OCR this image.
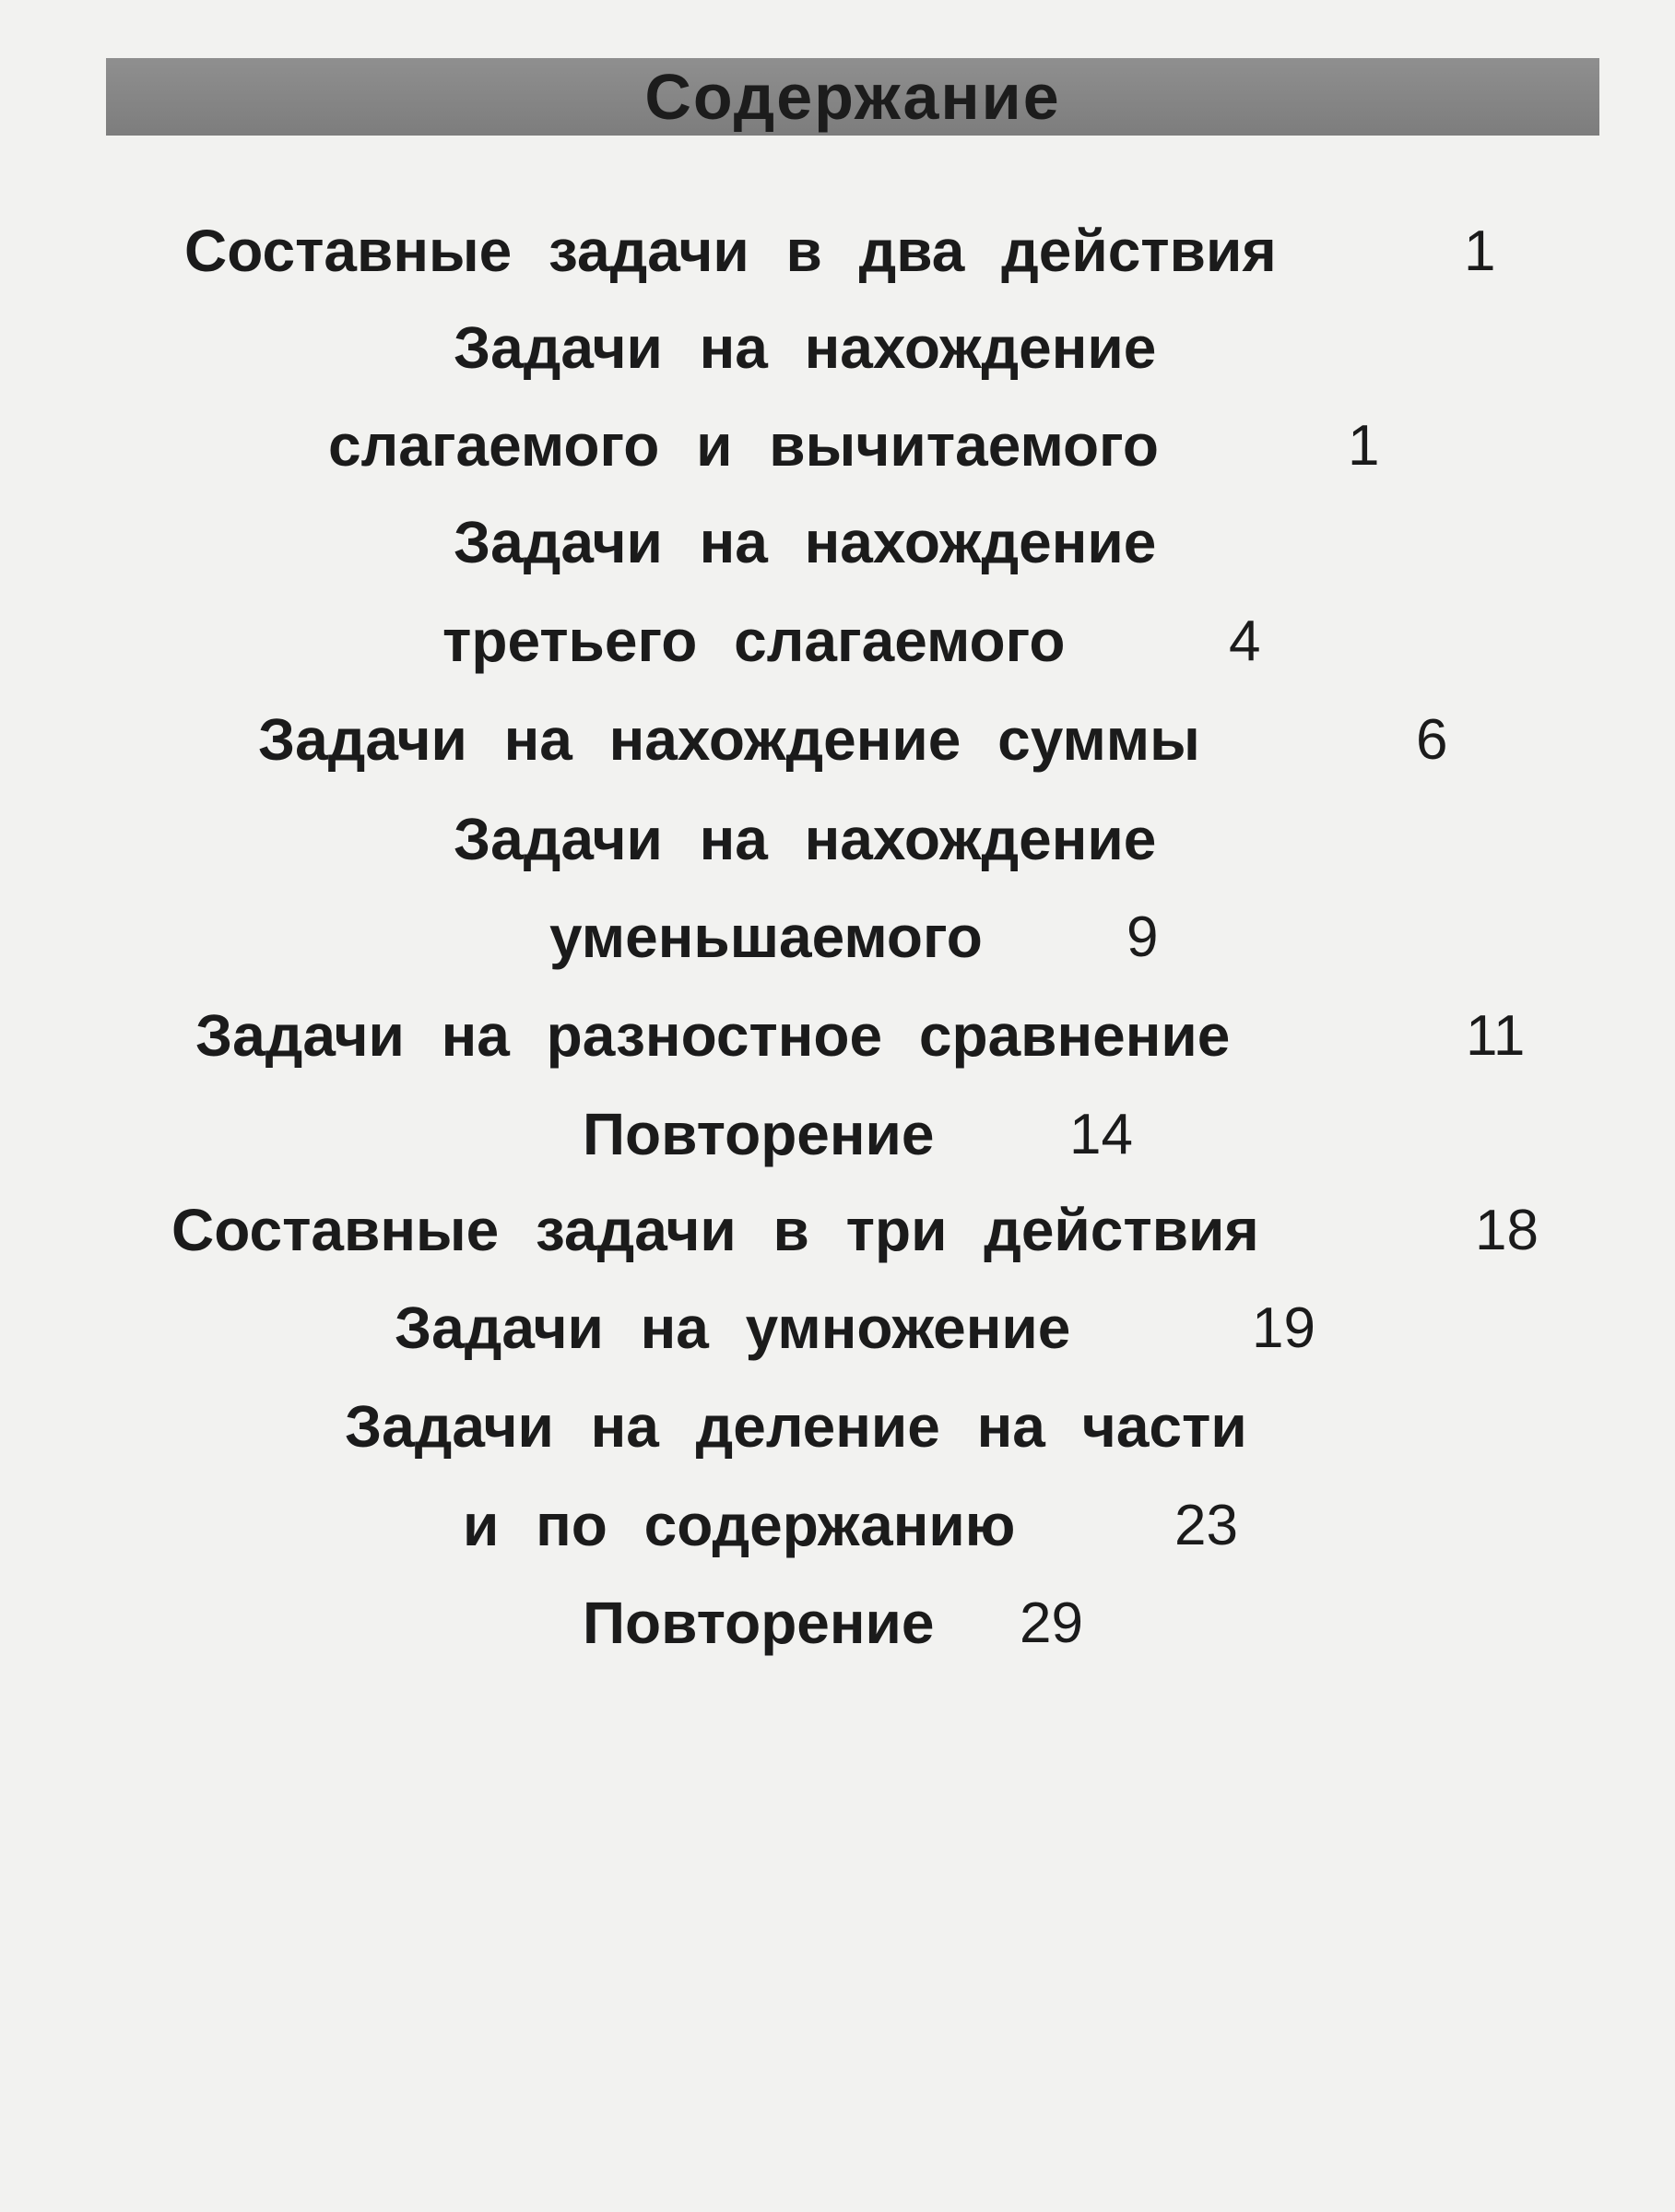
Содержание
Составные задачи в два действия	1
Задачи на нахождение
слагаемого и вычитаемого	1
Задачи на нахождение
третьего слагаемого	4
Задачи на нахождение суммы	6
Задачи на нахождение
уменьшаемого	9
Задачи на разностное сравнение	11
Повторение 14
Составные задачи в три действия	18
Задачи на умножение	19
Задачи на деление на части
и по содержанию	23
Повторение 29
